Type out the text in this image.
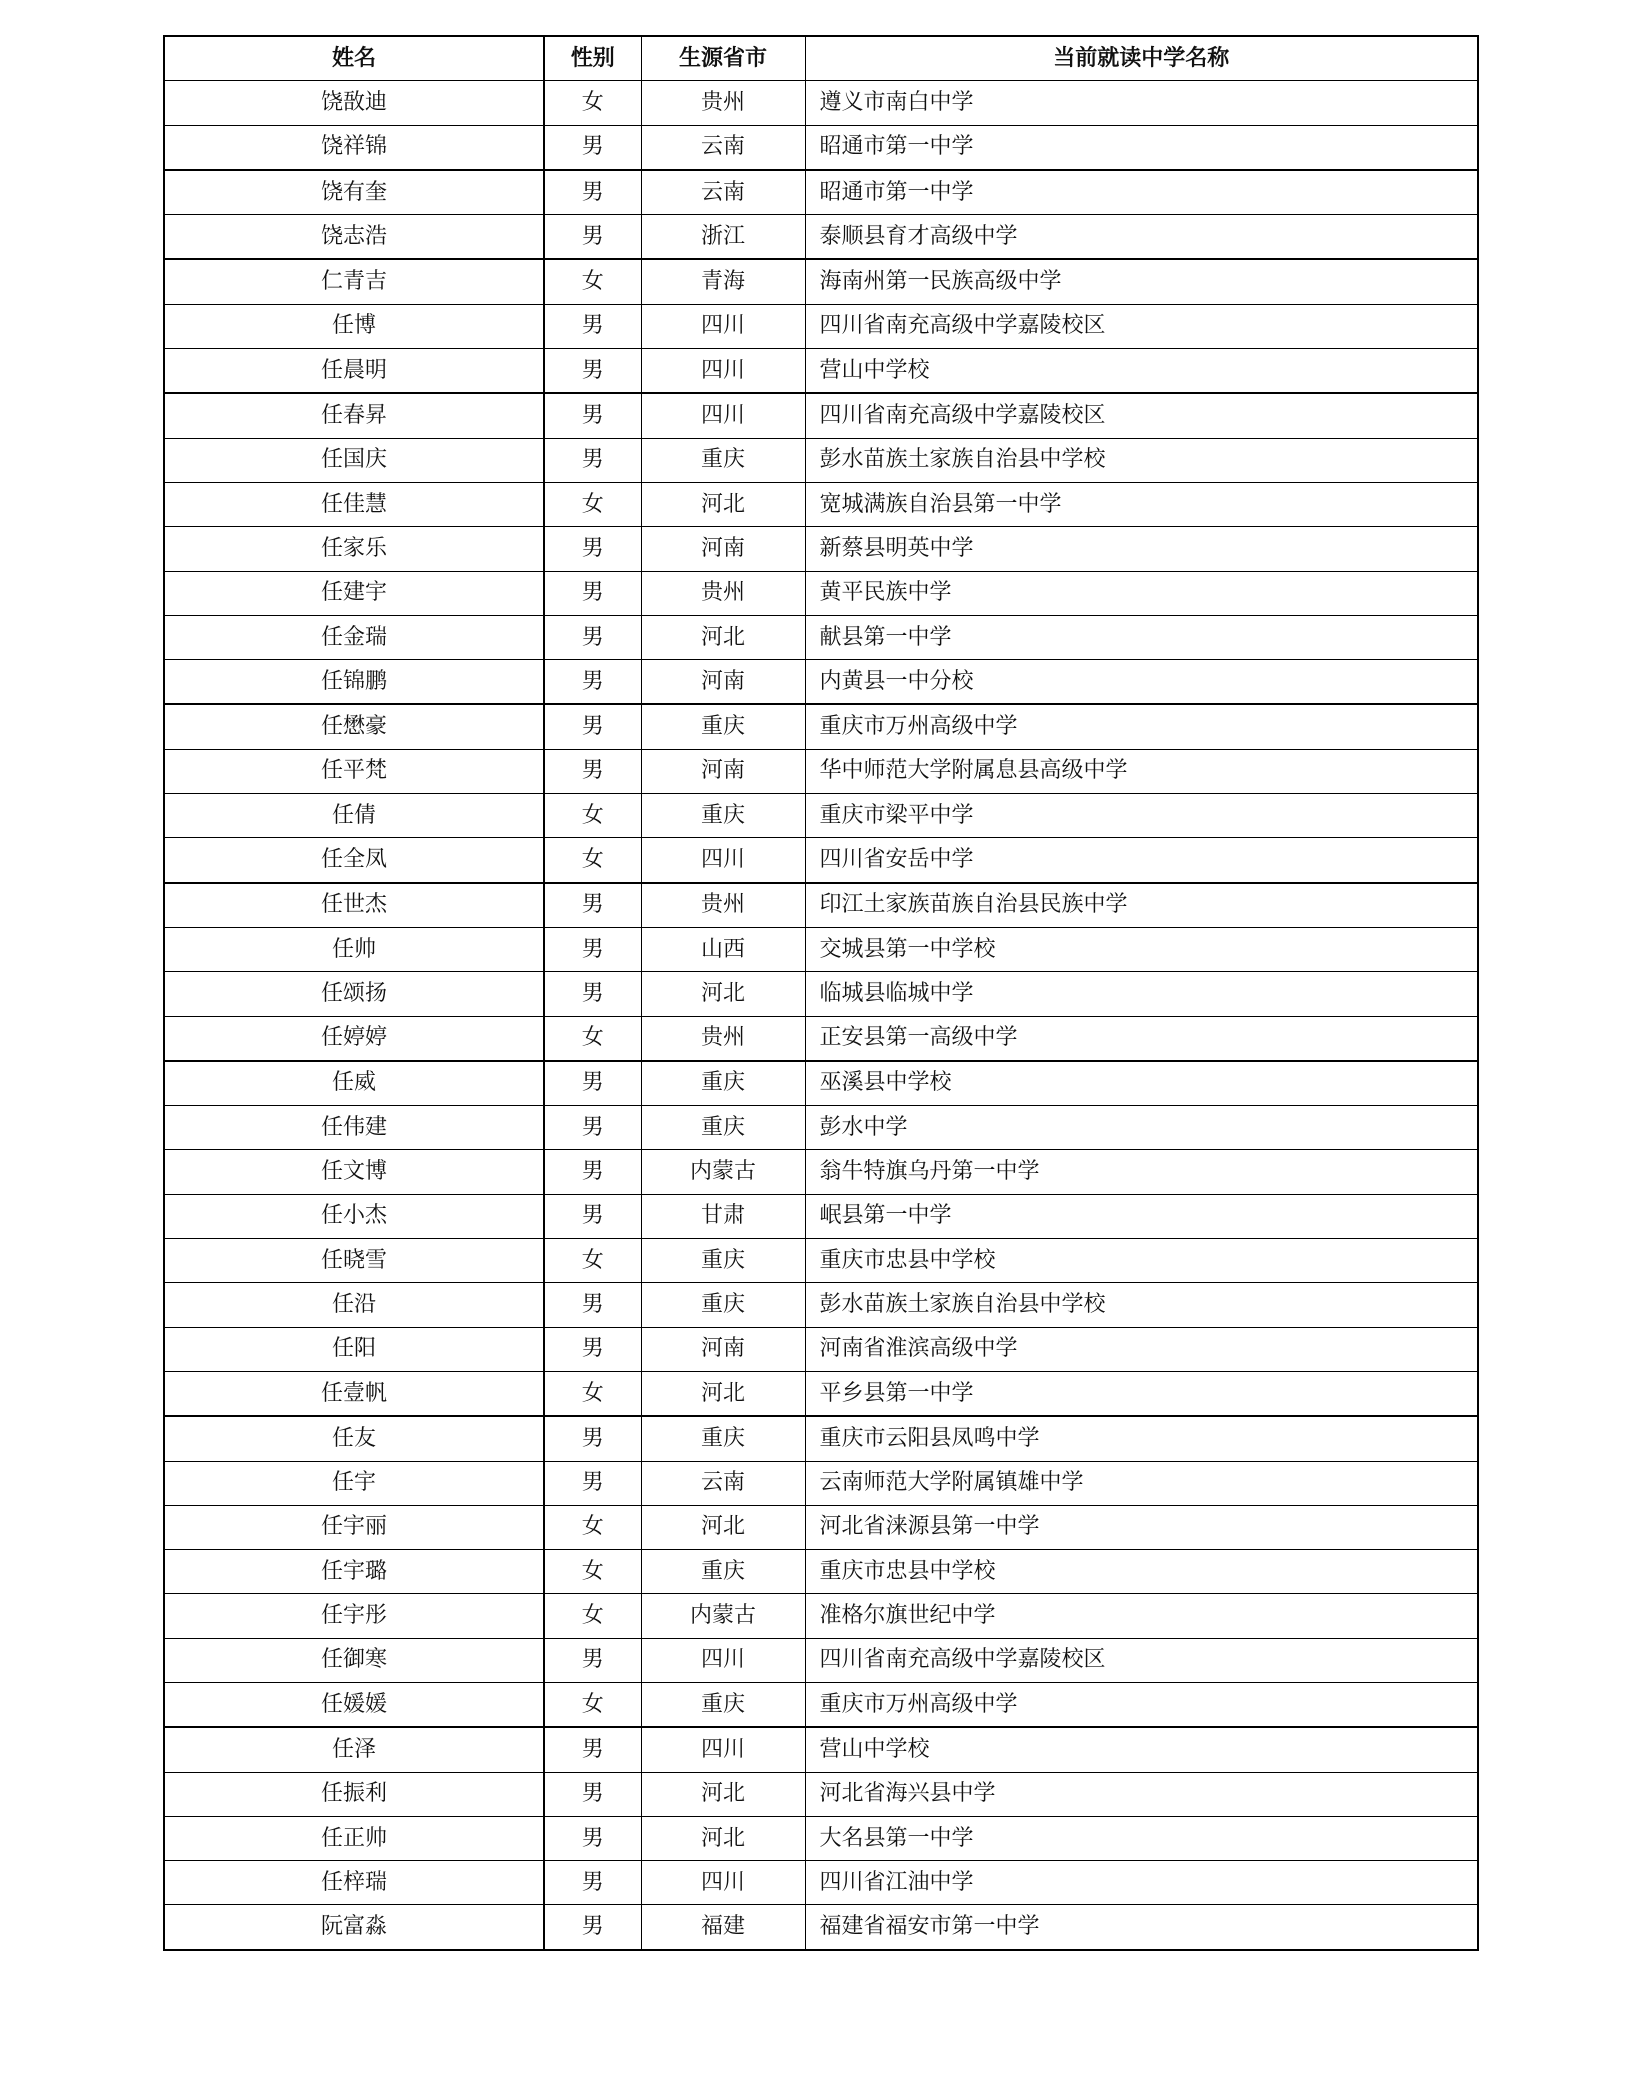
姓名	性别	生源省市	当前就读中学名称
饶敔迪	女	贵州	遵义市南白中学
饶祥锦	男	云南	昭通市第一中学
饶有奎	男	云南	昭通市第一中学
饶志浩	男	浙江	泰顺县育才高级中学
仁青吉	女	青海	海南州第一民族高级中学
任博	男	四川	四川省南充高级中学嘉陵校区
任晨明	男	四川	营山中学校
任春昇	男	四川	四川省南充高级中学嘉陵校区
任国庆	男	重庆	彭水苗族土家族自治县中学校
任佳慧	女	河北	宽城满族自治县第一中学
任家乐	男	河南	新蔡县明英中学
任建宇	男	贵州	黄平民族中学
任金瑞	男	河北	献县第一中学
任锦鹏	男	河南	内黄县一中分校
任懋豪	男	重庆	重庆市万州高级中学
任平梵	男	河南	华中师范大学附属息县高级中学
任倩	女	重庆	重庆市梁平中学
任全凤	女	四川	四川省安岳中学
任世杰	男	贵州	印江土家族苗族自治县民族中学
任帅	男	山西	交城县第一中学校
任颂扬	男	河北	临城县临城中学
任婷婷	女	贵州	正安县第一高级中学
任威	男	重庆	巫溪县中学校
任伟建	男	重庆	彭水中学
任文博	男	内蒙古	翁牛特旗乌丹第一中学
任小杰	男	甘肃	岷县第一中学
任晓雪	女	重庆	重庆市忠县中学校
任沿	男	重庆	彭水苗族土家族自治县中学校
任阳	男	河南	河南省淮滨高级中学
任壹帆	女	河北	平乡县第一中学
任友	男	重庆	重庆市云阳县凤鸣中学
任宇	男	云南	云南师范大学附属镇雄中学
任宇丽	女	河北	河北省涞源县第一中学
任宇璐	女	重庆	重庆市忠县中学校
任宇彤	女	内蒙古	准格尔旗世纪中学
任御寒	男	四川	四川省南充高级中学嘉陵校区
任媛媛	女	重庆	重庆市万州高级中学
任泽	男	四川	营山中学校
任振利	男	河北	河北省海兴县中学
任正帅	男	河北	大名县第一中学
任梓瑞	男	四川	四川省江油中学
阮富淼	男	福建	福建省福安市第一中学
